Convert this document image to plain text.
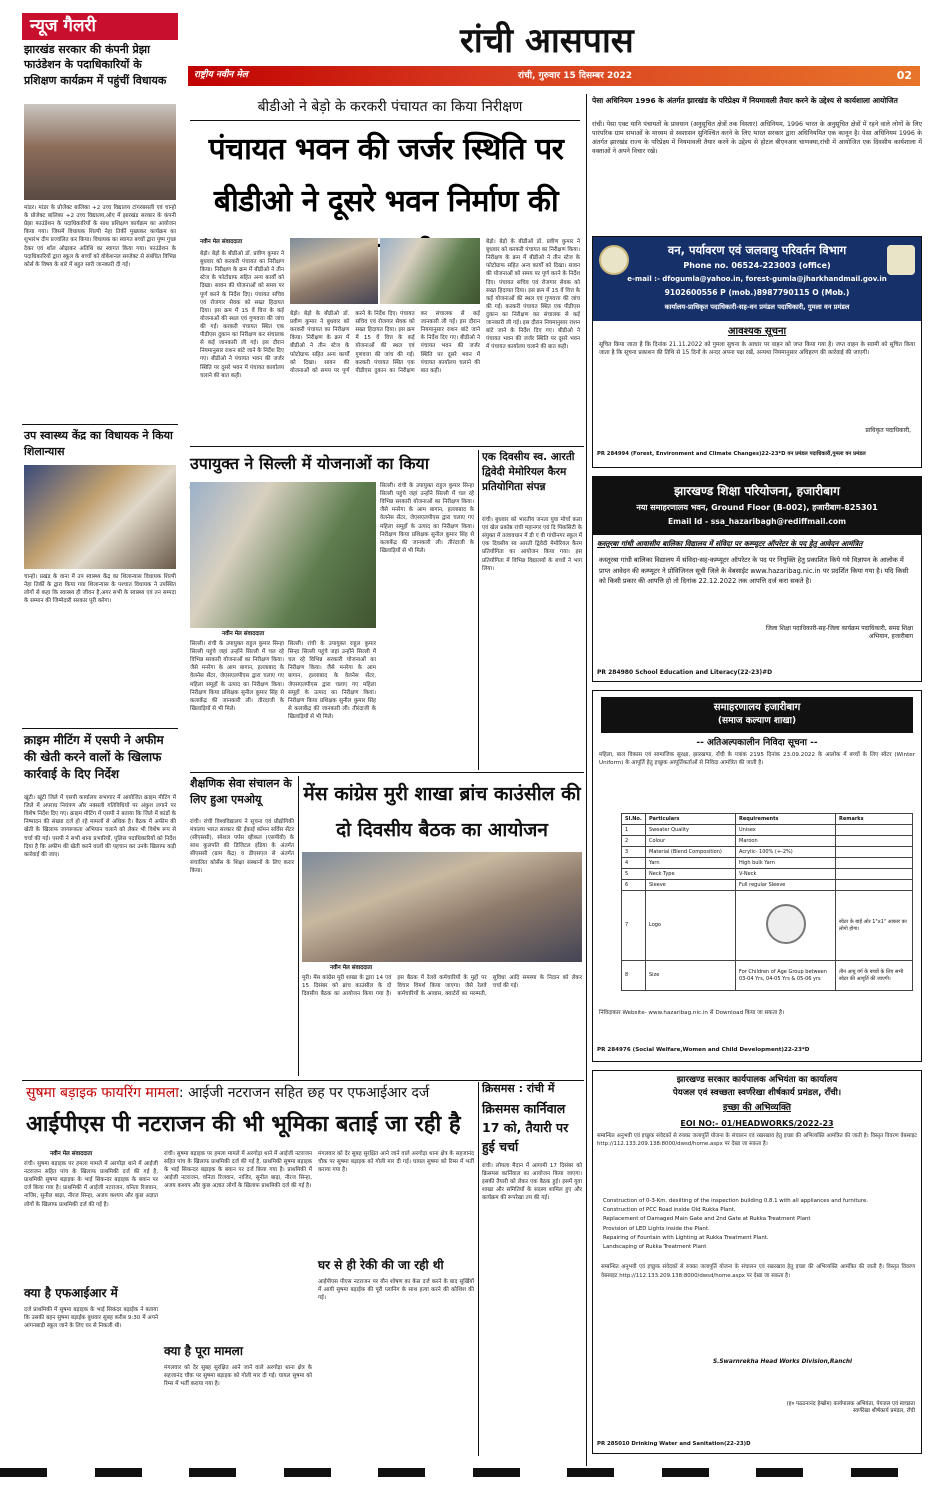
न्यूज गैलरी
झारखंड सरकार की कंपनी प्रेझा फाउंडेशन के पदाधिकारियों के प्रशिक्षण कार्यक्रम में पहुंचीं विधायक
मांडर। मांडर के प्रोजेक्ट बालिका +2 उच्च विद्यालय टांगरबसली एवं चान्हो के प्रोजेक्ट बालिका +2 उच्च विद्यालय,ओए में झारखंड सरकार के कंपनी प्रेझा फाउंडेशन के पदाधिकारियों के साथ प्रशिक्षण कार्यक्रम का आयोजन किया गया। जिसमें विधायक शिल्पी नेहा तिर्की मुख्यकर कार्यक्रम का शुभारंभ दीप प्रज्वलित कर किया। विधायक का स्वागत बच्चों द्वारा पुष्प गुच्छ देकर एवं शॉल ओढ़ाकर अतिथि का स्वागत किया गया। फाउंडेशन के पदाधिकारियों द्वारा स्कूल के बच्चों को वोकेशनल सब्जेक्ट से संबंधित विभिन्न कोर्स के विषय के बारे में बहुत सारी जानकारी दी गई।
उप स्वास्थ्य केंद्र का विधायक ने किया शिलान्यास
चान्हो। प्रखंड के वाना में उप स्वास्थ्य केंद्र का शिलान्यास विधायक शिल्पी नेहा तिर्की के द्वारा किया गया शिलान्यास के पश्चात विधायक ने उपस्थित लोगों से कहा कि स्वास्थ्य ही जीवन है,अगर सभी के स्वास्थ्य एवं तन सम्पदा के सम्मान की जिम्मेदारी सरकार पूरी करेगा।
क्राइम मीटिंग में एसपी ने अफीम की खेती करने वालों के खिलाफ कार्रवाई के दिए निर्देश
खूंटी। खूंटी जिले में एसपी कार्यालय सभागार में आयोजित क्राइम मीटिंग में जिले में अपराध नियंत्रण और नक्सली गतिविधियों पर अंकुश लगाने पर विशेष निर्देश दिए गए। क्राइम मीटिंग में एसपी ने बताया कि जिले में कांडों के निष्पादन की संख्या दर्ज हो रहे मामलों से अधिक है। बैठक में अफीम की खेती के खिलाफ जागरूकता अभियान चलाने को लेकर भी विशेष रूप से चर्चा की गई। एसपी ने सभी थाना प्रभारियों, पुलिस पदाधिकारियों को निर्देश दिया है कि अफीम की खेती करने वालों की पहचान कर उनके खिलाफ कड़ी कार्रवाई की जाए।
रांची आसपास
राष्ट्रीय नवीन मेल	रांची, गुरुवार 15 दिसम्बर 2022	02
बीडीओ ने बेड़ो के करकरी पंचायत का किया निरीक्षण
पंचायत भवन की जर्जर स्थिति पर बीडीओ ने दूसरे भवन निर्माण की
नवीन मेल संवाददाता
बेड़ो। बेड़ो के बीडीओ डॉ. प्रवीण कुमार ने बुधवार को करकरी पंचायत का निरीक्षण किया। निरीक्षण के क्रम में बीडीओ ने तीन स्टेज के फोटोग्राफ सहित अन्य कार्यों को दिखा। सावन की योजनाओं को समय पर पूर्ण करने के निर्देश दिए। पंचायत सचिव एवं रोजगार सेवक को सख्त हिदायत दिया। इस क्रम में 15 वें वित्त के कई योजनाओं की स्थल एवं गुणवत्ता की जांच की गई। करकरी पंचायत स्थित एक पीडीएस दुकान का निरीक्षण कर संचालक से कई जानकारी ली गई। इस दौरान नियमानुसार राशन बांटे जाने के निर्देश दिए गए। बीडीओ ने पंचायत भवन की जर्जर स्थिति पर दूसरे भवन में पंचायत कार्यालय चलाने की बात कही।
बेड़ो। बेड़ो के बीडीओ डॉ. प्रवीण कुमार ने बुधवार को करकरी पंचायत का निरीक्षण किया। निरीक्षण के क्रम में बीडीओ ने तीन स्टेज के फोटोग्राफ सहित अन्य कार्यों को दिखा। सावन की योजनाओं को समय पर पूर्ण करने के निर्देश दिए। पंचायत सचिव एवं रोजगार सेवक को सख्त हिदायत दिया। इस क्रम में 15 वें वित्त के कई योजनाओं की स्थल एवं गुणवत्ता की जांच की गई। करकरी पंचायत स्थित एक पीडीएस दुकान का निरीक्षण कर संचालक से कई जानकारी ली गई। इस दौरान नियमानुसार राशन बांटे जाने के निर्देश दिए गए। बीडीओ ने पंचायत भवन की जर्जर स्थिति पर दूसरे भवन में पंचायत कार्यालय चलाने की बात कही।
बेड़ो। बेड़ो के बीडीओ डॉ. प्रवीण कुमार ने बुधवार को करकरी पंचायत का निरीक्षण किया। निरीक्षण के क्रम में बीडीओ ने तीन स्टेज के फोटोग्राफ सहित अन्य कार्यों को दिखा। सावन की योजनाओं को समय पर पूर्ण करने के निर्देश दिए। पंचायत सचिव एवं रोजगार सेवक को सख्त हिदायत दिया। इस क्रम में 15 वें वित्त के कई योजनाओं की स्थल एवं गुणवत्ता की जांच की गई। करकरी पंचायत स्थित एक पीडीएस दुकान का निरीक्षण कर संचालक से कई जानकारी ली गई। इस दौरान नियमानुसार राशन बांटे जाने के निर्देश दिए गए। बीडीओ ने पंचायत भवन की जर्जर स्थिति पर दूसरे भवन में पंचायत कार्यालय चलाने की बात कही।
पेसा अधिनियम 1996 के अंतर्गत झारखंड के परिप्रेक्ष्य में नियमावली तैयार करने के उद्देश्य से कार्यशाला आयोजित
रांची। पेसा एक्ट यानि पंचायतों के प्रावधान (अनुसूचित क्षेत्रों तक विस्तार) अधिनियम, 1996 भारत के अनुसूचित क्षेत्रों में रहने वाले लोगों के लिए पारंपरिक ग्राम सभाओं के माध्यम से स्वशासन सुनिश्चित करने के लिए भारत सरकार द्वारा अधिनियमित एक कानून है। पेसा अधिनियम 1996 के अंतर्गत झारखंड राज्य के परिप्रेक्ष्य में नियमावली तैयार करने के उद्देश्य से होटल बीएनआर चाणक्या,रांची में आयोजित एक दिवसीय कार्यशाला में वक्ताओं ने अपने विचार रखे।
वन, पर्यावरण एवं जलवायु परिवर्तन विभाग
Phone no. 06524-223003 (office)
e-mail :- dfogumla@yahoo.in, forest-gumla@jharkhandmail.gov.in
9102600556 P (mob.)8987790115 O (Mob.)
कार्यालय-प्राधिकृत पदाधिकारी-सह-वन प्रमंडल पदाधिकारी, गुमला वन प्रमंडल
आवश्यक सूचना
सूचित किया जाता है कि दिनांक 21.11.2022 को गुमला सुचना के आधार पर वाहन को जप्त किया गया है। जप्त वाहन के स्वामी को सूचित किया जाता है कि सूचना प्रकाशन की तिथि से 15 दिनों के अन्दर अपना पक्ष रखें, अन्यथा नियमानुसार अधिहरण की कार्रवाई की जाएगी।
प्राधिकृत पदाधिकारी,
PR 284994 (Forest, Environment and Climate Changes)22-23*D वन प्रमंडल पदाधिकारी,गुमला वन प्रमंडल
झारखण्ड शिक्षा परियोजना, हजारीबाग
नया समाहरणालय भवन, Ground Floor (B-002), हजारीबाग-825301
Email Id - ssa_hazaribagh@rediffmail.com
कस्तूरबा गांधी आवासीय बालिका विद्यालय में संविदा पर कम्प्यूटर ऑपरेटर के पद हेतु आवेदन आमंत्रित
कस्तूरबा गांधी बालिका विद्यालय में संविदा-सह-कम्प्यूटर ऑपरेटर के पद पर नियुक्ति हेतु प्रकाशित किये गये विज्ञापन के आलोक में प्राप्त आवेदन की कम्प्यूटर ने प्रोविजिनल सूची जिले के वेबसाईट www.hazaribag.nic.in पर प्रदर्शित किया गया है। यदि किसी को किसी प्रकार की आपत्ति हो तो दिनांक 22.12.2022 तक आपत्ति दर्ज करा सकते है।
जिला शिक्षा पदाधिकारी-सह-जिला कार्यक्रम पदाधिकारी, समग्र शिक्षा अभियान, हजारीबाग
PR 284980 School Education and Literacy(22-23)#D
समाहरणालय हजारीबाग
(समाज कल्याण शाखा)
-- अतिअल्पकालीन निविदा सूचना --
महिला, बाल विकास एवं सामाजिक सुरक्षा, झारखण्ड, राँची के पत्रांक 2195 दिनांक 23.09.2022 के आलोक में बच्चों के लिए स्वेटर (Winter Uniform) के आपूर्ति हेतु इच्छुक आपूर्तिकर्ताओं से निविदा आमंत्रित की जाती है।
Sl.No.	Particulars	Requirements	Remarks
1	Sweater Quality	Unisex	
2	Colour	Maroon	
3	Material (Blend Composition)	Acrylic- 100% (+-2%)	
4	Yarn	High bulk Yarn	
5	Neck Type	V-Neck	
6	Sleeve	Full regular Sleeve	
7	Logo		स्वेटर के बाईं ओर 1"x1" आकार का लोगो होगा।
8	Size	For Children of Age Group between 03-04 Yrs, 04-05 Yrs & 05-06 yrs	तीन आयु वर्ग के बच्चों के लिए सभी स्वेटर की आपूर्ति की जाएगी।
निविदाकार Website- www.hazaribag.nic.in से Download किया जा सकता है।
PR 284976 (Social Welfare,Women and Child Development)22-23*D
उपायुक्त ने सिल्ली में योजनाओं का किया
नवीन मेल संवाददाता
सिल्ली। रांची के उपायुक्त राहुल कुमार सिन्हा सिल्ली पहुंचे जहां उन्होंने सिल्ली में चल रहे विभिन्न सरकारी योजनाओं का निरीक्षण किया। जैसे मनरेगा के आम बागान, हल्लाबाद के वेलनेस सेंटर, जेएसएलपीएस द्वारा चलाए गए महिला समूहों के उत्पाद का निरीक्षण किया। निरीक्षण किया प्रशिक्षक सुनील कुमार सिंह से कलाकेंद्र की जानकारी ली। तीरंदाजी के खिलाड़ियों से भी मिले।
सिल्ली। रांची के उपायुक्त राहुल कुमार सिन्हा सिल्ली पहुंचे जहां उन्होंने सिल्ली में चल रहे विभिन्न सरकारी योजनाओं का निरीक्षण किया। जैसे मनरेगा के आम बागान, हल्लाबाद के वेलनेस सेंटर, जेएसएलपीएस द्वारा चलाए गए महिला समूहों के उत्पाद का निरीक्षण किया। निरीक्षण किया प्रशिक्षक सुनील कुमार सिंह से कलाकेंद्र की जानकारी ली। तीरंदाजी के खिलाड़ियों से भी मिले।
सिल्ली। रांची के उपायुक्त राहुल कुमार सिन्हा सिल्ली पहुंचे जहां उन्होंने सिल्ली में चल रहे विभिन्न सरकारी योजनाओं का निरीक्षण किया। जैसे मनरेगा के आम बागान, हल्लाबाद के वेलनेस सेंटर, जेएसएलपीएस द्वारा चलाए गए महिला समूहों के उत्पाद का निरीक्षण किया। निरीक्षण किया प्रशिक्षक सुनील कुमार सिंह से कलाकेंद्र की जानकारी ली। तीरंदाजी के खिलाड़ियों से भी मिले।
एक दिवसीय स्व. आरती द्विवेदी मेमोरियल कैरम प्रतियोगिता संपन्न
रांची। बुधवार को भारतीय जनता युवा मोर्चा कला एवं खेल प्रकोष्ठ रांची महानगर एवं दि पिंकसिटी के संयुक्त में तत्वावधान में डी ए वी गांधीनगर स्कूल में एक दिवसीय स्व आरती द्विवेदी मेमोरियल कैरम प्रतियोगिता का आयोजन किया गया। इस प्रतियोगिता में विभिन्न विद्यालयों के बच्चों ने भाग लिया।
शैक्षणिक सेवा संचालन के लिए हुआ एमओयू
रांची। रांची विश्वविद्यालय ने सूचना एवं प्रौद्योगिकी मंत्रालय भारत सरकार की ईकाई कॉमन सर्विस सेंटर (सीएससी), स्पेशल पर्पस व्हीकल (एसपीवी) के साथ कुलपति की डिजिटल इंडिया के अंतर्गत सीएससी (ग्राम केंद्र) व डीएसएल से अंतर्गत संचालित कोर्सेस के शिक्षा संस्थानों के लिए करार किया।
मेंस कांग्रेस मुरी शाखा ब्रांच काउंसील की दो दिवसीय बैठक का आयोजन
नवीन मेल संवाददाता
मुरी। मेंस कांग्रेस मुरी शाखा के द्वारा 14 एवं 15 दिसंबर को ब्रांच काउंसील के दो दिवसीय बैठक का आयोजन किया गया है। इस बैठक में रेलवे कर्मचारियों के मुद्दों पर विचार विमर्श किया जाएगा। जैसे रेलवे कर्मचारियों के आवास, क्वार्टरों का मरम्मती, सुविधा आदि समस्या के निदान को लेकर चर्चा की गई।
सुषमा बड़ाइक फायरिंग मामला: आईजी नटराजन सहित छह पर एफआईआर दर्ज
आईपीएस पी नटराजन की भी भूमिका बताई जा रही है
नवीन मेल संवाददाता
रांची। सुषमा बड़ाइक पर हमला मामले में अरगोड़ा थाने में आईजी नटराजन सहित पांच के खिलाफ प्राथमिकी दर्ज की गई है, प्राथमिकी सुषमा बड़ाइक के भाई सिकन्दर बड़ाइक के बयान पर दर्ज किया गया है। प्राथमिकी में आईजी नटराजन, वनिता रिजवान, नाजिर, सुनील बाढ़ा, नीरज सिन्हा, अजय कश्यप और कुछ अज्ञात लोगों के खिलाफ प्राथमिकी दर्ज की गई है।
क्या है एफआईआर में
दर्ज प्राथमिकी में सुषमा बड़ाइक के भाई सिकंदर बड़ाईक ने बताया कि उसकी बहन सुषमा बड़ाईक बुधवार सुबह करीब 9:30 में अपने आंगनबाड़ी स्कूल जाने के लिए घर से निकली थी।
रांची। सुषमा बड़ाइक पर हमला मामले में अरगोड़ा थाने में आईजी नटराजन सहित पांच के खिलाफ प्राथमिकी दर्ज की गई है, प्राथमिकी सुषमा बड़ाइक के भाई सिकन्दर बड़ाइक के बयान पर दर्ज किया गया है। प्राथमिकी में आईजी नटराजन, वनिता रिजवान, नाजिर, सुनील बाढ़ा, नीरज सिन्हा, अजय कश्यप और कुछ अज्ञात लोगों के खिलाफ प्राथमिकी दर्ज की गई है।
क्या है पूरा मामला
मंगलवार को देर सुबह सुरक्षित आने जाने वाले अरगोड़ा थाना क्षेत्र के सहजानंद चौक पर सुषमा बड़ाइक को गोली मार दी गई। घायल सुषमा को रिम्स में भर्ती कराया गया है।
मंगलवार को देर सुबह सुरक्षित आने जाने वाले अरगोड़ा थाना क्षेत्र के सहजानंद चौक पर सुषमा बड़ाइक को गोली मार दी गई। घायल सुषमा को रिम्स में भर्ती कराया गया है।
घर से ही रेकी की जा रही थी
आईपीएस पीएस नटराजन पर यौन शोषण का केस दर्ज करने के बाद सुर्खियों में आयी सुषमा बड़ाईक की पूरी प्लानिंग के साथ हत्या करने की कोशिश की गई।
क्रिसमस : रांची में
क्रिसमस कार्निवाल 17 को, तैयारी पर हुई चर्चा
रांची। लोयला मैदान में आगामी 17 दिसंबर को क्रिसमस कार्निवाल का आयोजन किया जाएगा। इसकी तैयारी को लेकर एक बैठक हुई। इसमें युवा शाखा और समितियों के सदस्य शामिल हुए और कार्यक्रम की रूपरेखा तय की गई।
झारखण्ड सरकार कार्यपालक अभियंता का कार्यालय
पेयजल एवं स्वच्छता स्वर्णरेखा शीर्षकार्य प्रमंडल, राँची।
इच्छा की अभिव्यक्ति
EOI NO:- 01/HEADWORKS/2022-23
सम्बन्धित अनुभवी एवं इच्छुक संवेदकों से रुक्का जलापूर्ति योजना के संचालन एवं रखरखाव हेतु इच्छा की अभिव्यक्ति आमंत्रित की जाती है। विस्तृत विवरण वेबसाइट http://112.133.209.138:8000/dwsd/home.aspx पर देखा जा सकता है।
Construction of 0-3-Km. desilting of the inspection building 0.8.1 with all appliances and furniture.
Construction of PCC Road inside Old Rukka Plant.
Replacement of Damaged Main Gate and 2nd Gate at Rukka Treatment Plant
Provision of LED Lights inside the Plant.
Repairing of Fountain with Lighting at Rukka Treatment Plant.
Landscaping of Rukka Treatment Plant
सम्बन्धित अनुभवी एवं इच्छुक संवेदकों से रुक्का जलापूर्ति योजना के संचालन एवं रखरखाव हेतु इच्छा की अभिव्यक्ति आमंत्रित की जाती है। विस्तृत विवरण वेबसाइट http://112.133.209.138:8000/dwsd/home.aspx पर देखा जा सकता है।
S.Swarnrekha Head Works Division,Ranchi
(ह० पठठनानंद हेम्ब्रोम) कार्यपालक अभियंता, पेयजल एवं स्वच्छता स्वर्णरेखा शीर्षकार्य प्रमंडल, राँची
PR 285010 Drinking Water and Sanitation(22-23)D
